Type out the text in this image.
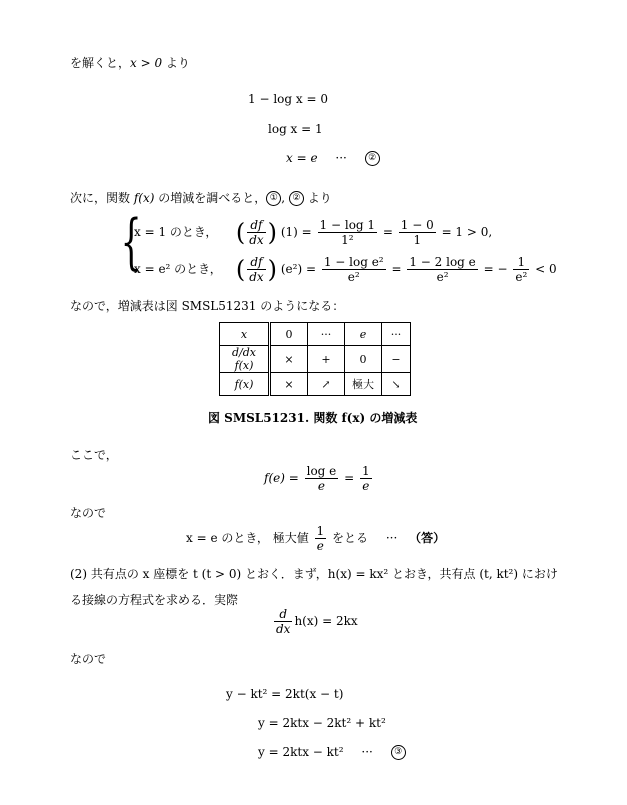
を解くと，x > 0 より
1 − log x = 0
log x = 1
x = e ··· ②
次に，関数 f(x) の増減を調べると， ① , ② より
{
x = 1 のとき， ( $\frac{df}{dx}$ ) $(1) = \frac{1 - \log 1}{\text{1²}} = \frac{1 - 0}{1} = 1 > 0$,
x = e² のとき， ( $\frac{df}{dx}$ ) $(e^2) = \frac{\text{1 − log e²}}{\text{e²}} = \frac{\text{1 − 2 log e}}{\text{e²}}$ = − $\frac{1}{\text{e²}} < 0$
なので，増減表は図 SMSL51231 のようになる：
x	0	···	e	···
d/dx f(x)	×	+	0	−
f(x)	×	↗	極大	↘
図 SMSL51231. 関数 f(x) の増減表
ここで，
$f(e) = \frac{\text{log e}}{e} = \frac{1}{e}$
なので
x = e のとき， 極大値 $\frac{1}{e}$ をとる ··· （答）
(2) 共有点の x 座標を t (t > 0) とおく．まず，h(x) = kx² とおき，共有点 (t, kt²) におけ
る接線の方程式を求める．実際
$\frac{d}{dx} h(x) = 2kx$
なので
y − kt² = 2kt(x − t)
y = 2ktx − 2kt² + kt²
y = 2ktx − kt² ··· ③
